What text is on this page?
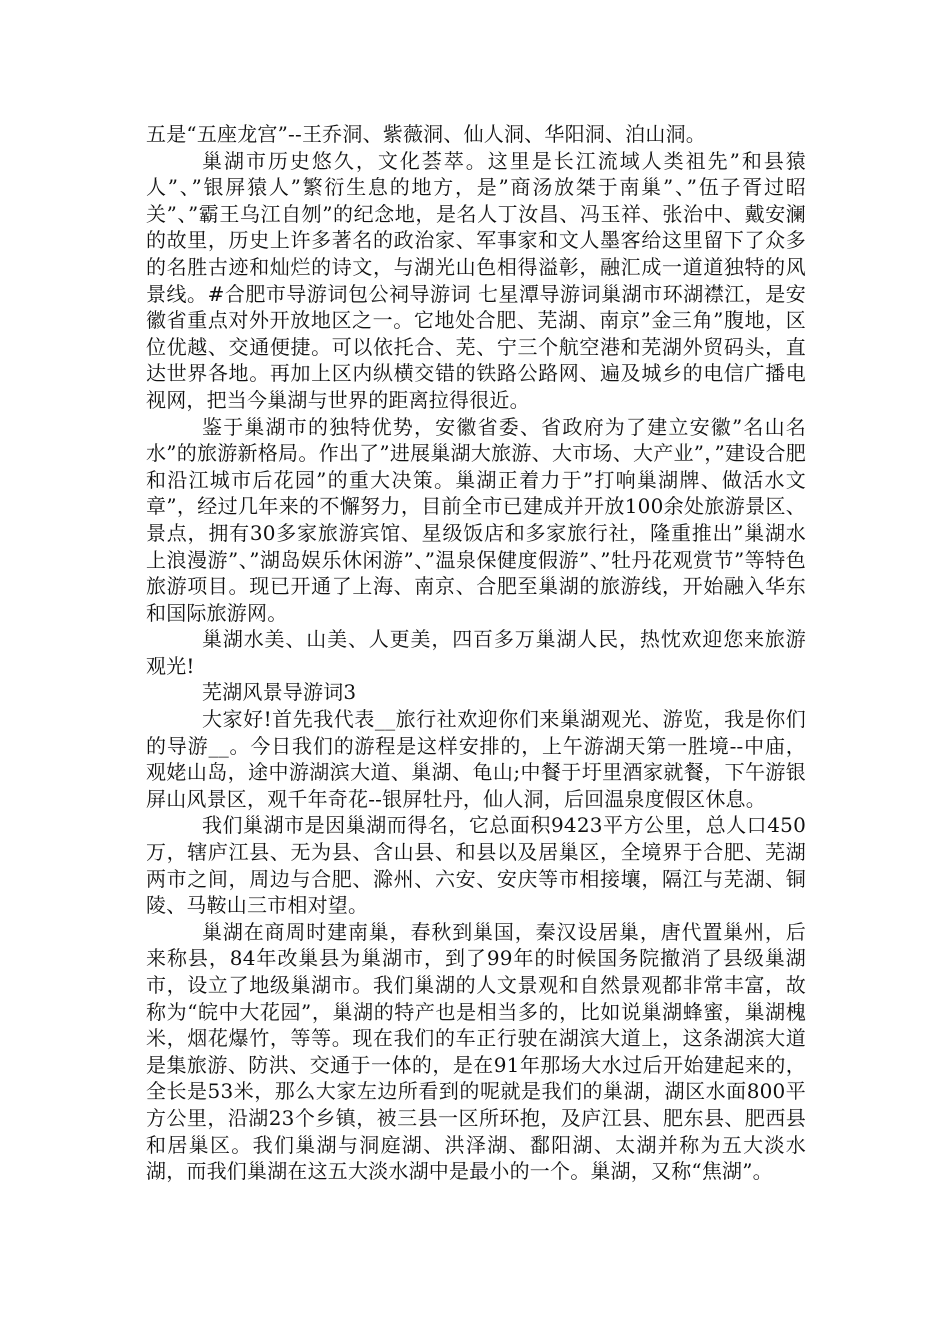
五是“五座龙宫”--王乔洞、紫薇洞、仙人洞、华阳洞、泊山洞。

巢湖市历史悠久，文化荟萃。这里是长江流域人类祖先”和县猿人”、”银屏猿人”繁衍生息的地方，是”商汤放桀于南巢”、”伍子胥过昭关”、”霸王乌江自刎”的纪念地，是名人丁汝昌、冯玉祥、张治中、戴安澜的故里，历史上许多著名的政治家、军事家和文人墨客给这里留下了众多的名胜古迹和灿烂的诗文，与湖光山色相得溢彰，融汇成一道道独特的风景线。#合肥市导游词包公祠导游词 七星潭导游词巢湖市环湖襟江，是安徽省重点对外开放地区之一。它地处合肥、芜湖、南京”金三角”腹地，区位优越、交通便捷。可以依托合、芜、宁三个航空港和芜湖外贸码头，直达世界各地。再加上区内纵横交错的铁路公路网、遍及城乡的电信广播电视网，把当今巢湖与世界的距离拉得很近。

鉴于巢湖市的独特优势，安徽省委、省政府为了建立安徽”名山名水”的旅游新格局。作出了”进展巢湖大旅游、大市场、大产业”，”建设合肥和沿江城市后花园”的重大决策。巢湖正着力于”打响巢湖牌、做活水文章”，经过几年来的不懈努力，目前全市已建成并开放100余处旅游景区、景点，拥有30多家旅游宾馆、星级饭店和多家旅行社，隆重推出”巢湖水上浪漫游”、”湖岛娱乐休闲游”、”温泉保健度假游”、”牡丹花观赏节”等特色旅游项目。现已开通了上海、南京、合肥至巢湖的旅游线，开始融入华东和国际旅游网。

巢湖水美、山美、人更美，四百多万巢湖人民，热忱欢迎您来旅游观光!

芜湖风景导游词3

大家好!首先我代表__旅行社欢迎你们来巢湖观光、游览，我是你们的导游__。今日我们的游程是这样安排的，上午游湖天第一胜境--中庙，观姥山岛，途中游湖滨大道、巢湖、龟山;中餐于圩里酒家就餐，下午游银屏山风景区，观千年奇花--银屏牡丹，仙人洞，后回温泉度假区休息。

我们巢湖市是因巢湖而得名，它总面积9423平方公里，总人口450万，辖庐江县、无为县、含山县、和县以及居巢区，全境界于合肥、芜湖两市之间，周边与合肥、滁州、六安、安庆等市相接壤，隔江与芜湖、铜陵、马鞍山三市相对望。

巢湖在商周时建南巢，春秋到巢国，秦汉设居巢，唐代置巢州，后来称县，84年改巢县为巢湖市，到了99年的时候国务院撤消了县级巢湖市，设立了地级巢湖市。我们巢湖的人文景观和自然景观都非常丰富，故称为“皖中大花园”，巢湖的特产也是相当多的，比如说巢湖蜂蜜，巢湖槐米，烟花爆竹，等等。现在我们的车正行驶在湖滨大道上，这条湖滨大道是集旅游、防洪、交通于一体的，是在91年那场大水过后开始建起来的，全长是53米，那么大家左边所看到的呢就是我们的巢湖，湖区水面800平方公里，沿湖23个乡镇，被三县一区所环抱，及庐江县、肥东县、肥西县和居巢区。我们巢湖与洞庭湖、洪泽湖、鄱阳湖、太湖并称为五大淡水湖，而我们巢湖在这五大淡水湖中是最小的一个。巢湖，又称“焦湖”。
